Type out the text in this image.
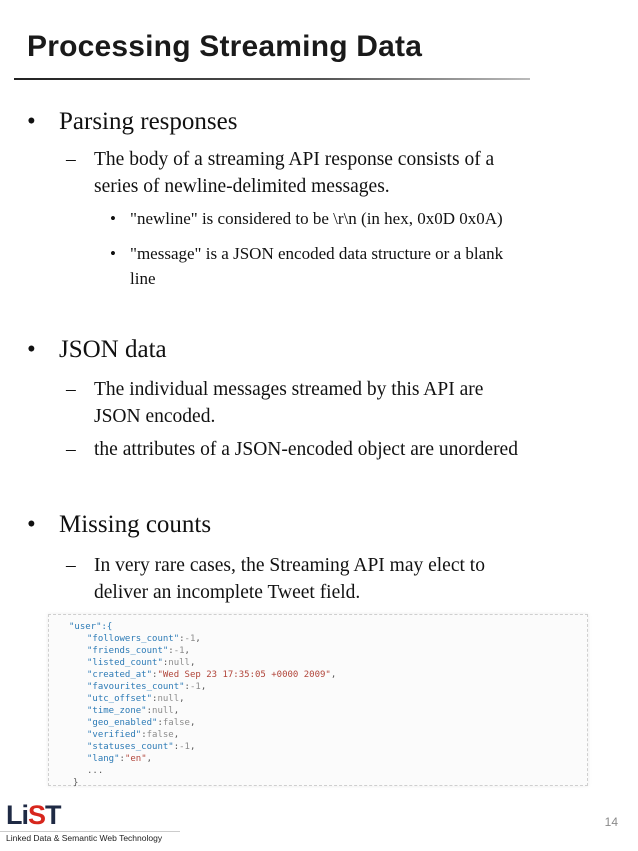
Processing Streaming Data
• Parsing responses
– The body of a streaming API response consists of a
series of newline-delimited messages.
• "newline" is considered to be \r\n (in hex, 0x0D 0x0A)
• "message" is a JSON encoded data structure or a blank
line
• JSON data
– The individual messages streamed by this API are
JSON encoded.
– the attributes of a JSON-encoded object are unordered
• Missing counts
– In very rare cases, the Streaming API may elect to
deliver an incomplete Tweet field.
"user":{
"followers_count":-1,
"friends_count":-1,
"listed_count":null,
"created_at":"Wed Sep 23 17:35:05 +0000 2009",
"favourites_count":-1,
"utc_offset":null,
"time_zone":null,
"geo_enabled":false,
"verified":false,
"statuses_count":-1,
"lang":"en",
...
}
LiST
Linked Data & Semantic Web Technology
14
